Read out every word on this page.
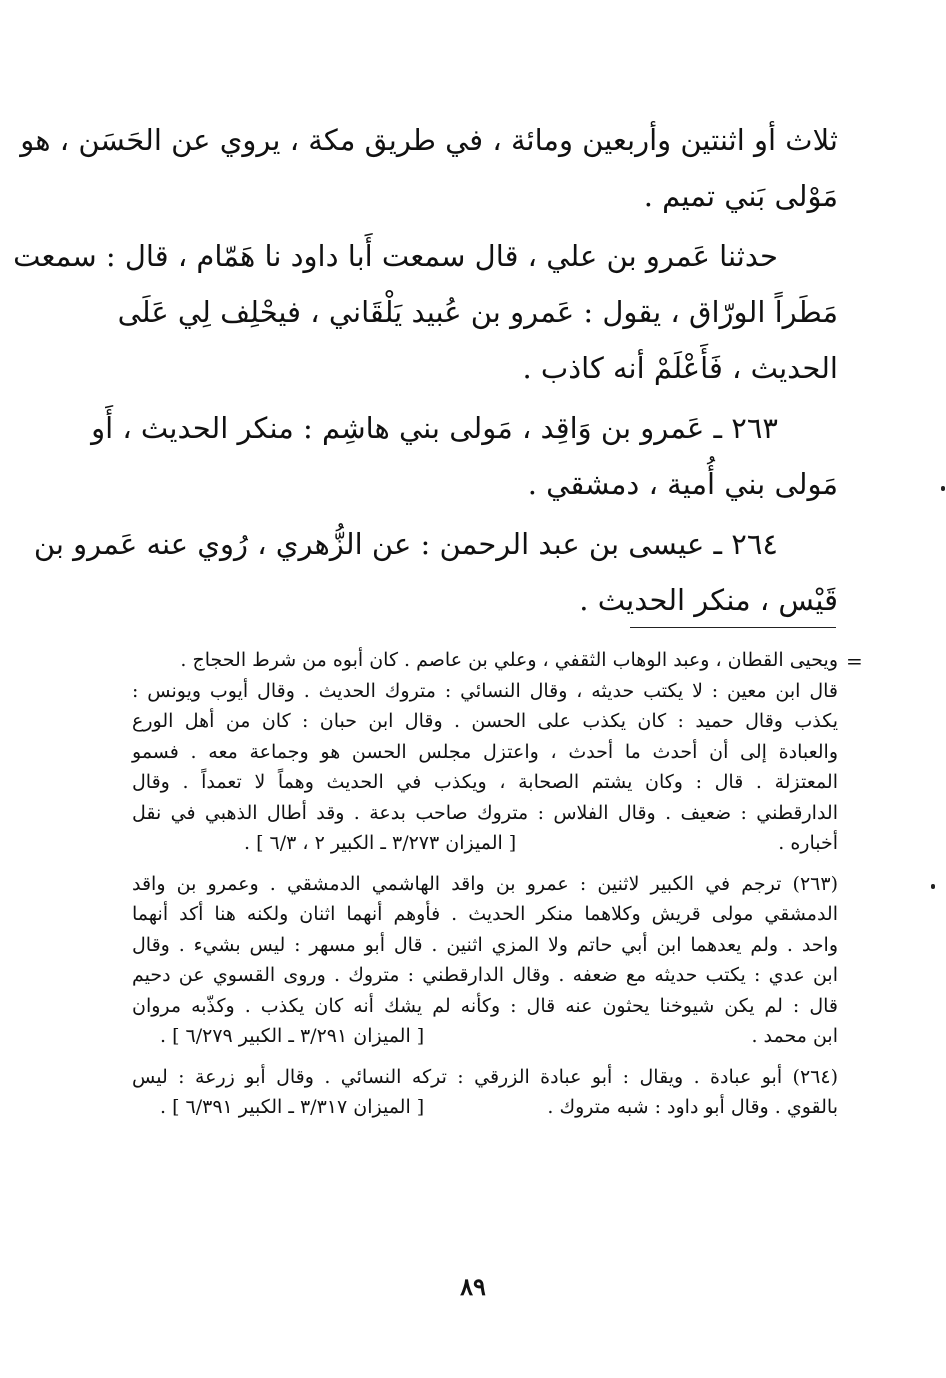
ثلاث أو اثنتين وأربعين ومائة ، في طريق مكة ، يروي عن الحَسَن ، هو
مَوْلى بَني تميم .
حدثنا عَمرو بن علي ، قال سمعت أَبا داود نا هَمّام ، قال : سمعت
مَطَراً الورّاق ، يقول : عَمرو بن عُبيد يَلْقَاني ، فيحْلِف لِي عَلَى
الحديث ، فَأَعْلَمْ أنه كاذب .
٢٦٣ ـ عَمرو بن وَاقِد ، مَولى بني هاشِم : منكر الحديث ، أَو
مَولى بني أُمية ، دمشقي .
٢٦٤ ـ عيسى بن عبد الرحمن : عن الزُّهري ، رُوي عنه عَمرو بن
قَيْس ، منكر الحديث .
=
ويحيى القطان ، وعبد الوهاب الثقفي ، وعلي بن عاصم . كان أبوه من شرط الحجاج .
قال ابن معين : لا يكتب حديثه ، وقال النسائي : متروك الحديث . وقال أيوب ويونس :
يكذب وقال حميد : كان يكذب على الحسن . وقال ابن حبان : كان من أهل الورع
والعبادة إلى أن أحدث ما أحدث ، واعتزل مجلس الحسن هو وجماعة معه . فسمو
المعتزلة . قال : وكان يشتم الصحابة ، ويكذب في الحديث وهماً لا تعمداً . وقال
الدارقطني : ضعيف . وقال الفلاس : متروك صاحب بدعة . وقد أطال الذهبي في نقل
أخباره .
[ الميزان ٣/٢٧٣ ـ الكبير ٢ ، ٦/٣ ] .
(٢٦٣) ترجم في الكبير لاثنين : عمرو بن واقد الهاشمي الدمشقي . وعمرو بن واقد
الدمشقي مولى قريش وكلاهما منكر الحديث . فأوهم أنهما اثنان ولكنه هنا أكد أنهما
واحد . ولم يعدهما ابن أبي حاتم ولا المزي اثنين . قال أبو مسهر : ليس بشيء . وقال
ابن عدي : يكتب حديثه مع ضعفه . وقال الدارقطني : متروك . وروى القسوي عن دحيم
قال : لم يكن شيوخنا يحثون عنه قال : وكأنه لم يشك أنه كان يكذب . وكذّبه مروان
ابن محمد .
[ الميزان ٣/٢٩١ ـ الكبير ٦/٢٧٩ ] .
(٢٦٤) أبو عبادة . ويقال : أبو عبادة الزرقي : تركه النسائي . وقال أبو زرعة : ليس
بالقوي . وقال أبو داود : شبه متروك .
[ الميزان ٣/٣١٧ ـ الكبير ٦/٣٩١ ] .
٨٩
